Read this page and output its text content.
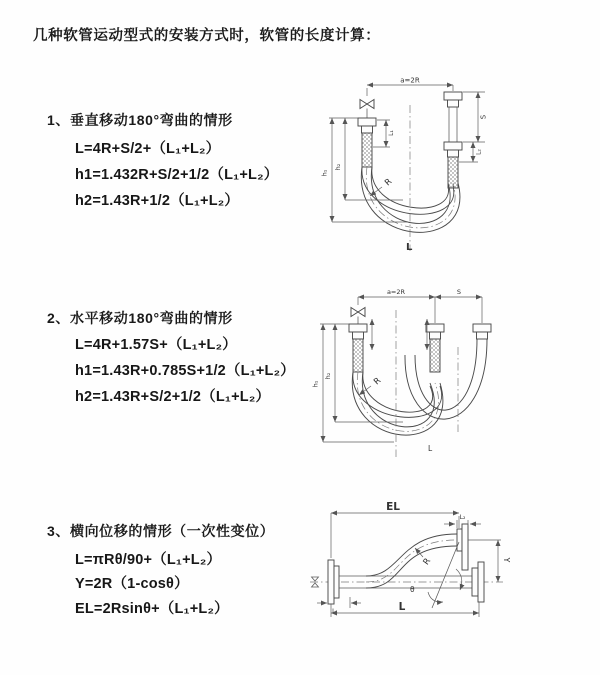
几种软管运动型式的安装方式时，软管的长度计算：
1、垂直移动180°弯曲的情形
L=4R+S/2+（L₁+L₂）
h1=1.432R+S/2+1/2（L₁+L₂）
h2=1.43R+1/2（L₁+L₂）
2、水平移动180°弯曲的情形
L=4R+1.57S+（L₁+L₂）
h1=1.43R+0.785S+1/2（L₁+L₂）
h2=1.43R+S/2+1/2（L₁+L₂）
3、横向位移的情形（一次性变位）
L=πRθ/90+（L₁+L₂）
Y=2R（1-cosθ）
EL=2Rsinθ+（L₁+L₂）
a=2R
h₁
h₂
L₁
S
L₂
R
L
a=2R	S
h₁
h₂	R
L
Y
EL
L₂
θ
R
L₁	L
